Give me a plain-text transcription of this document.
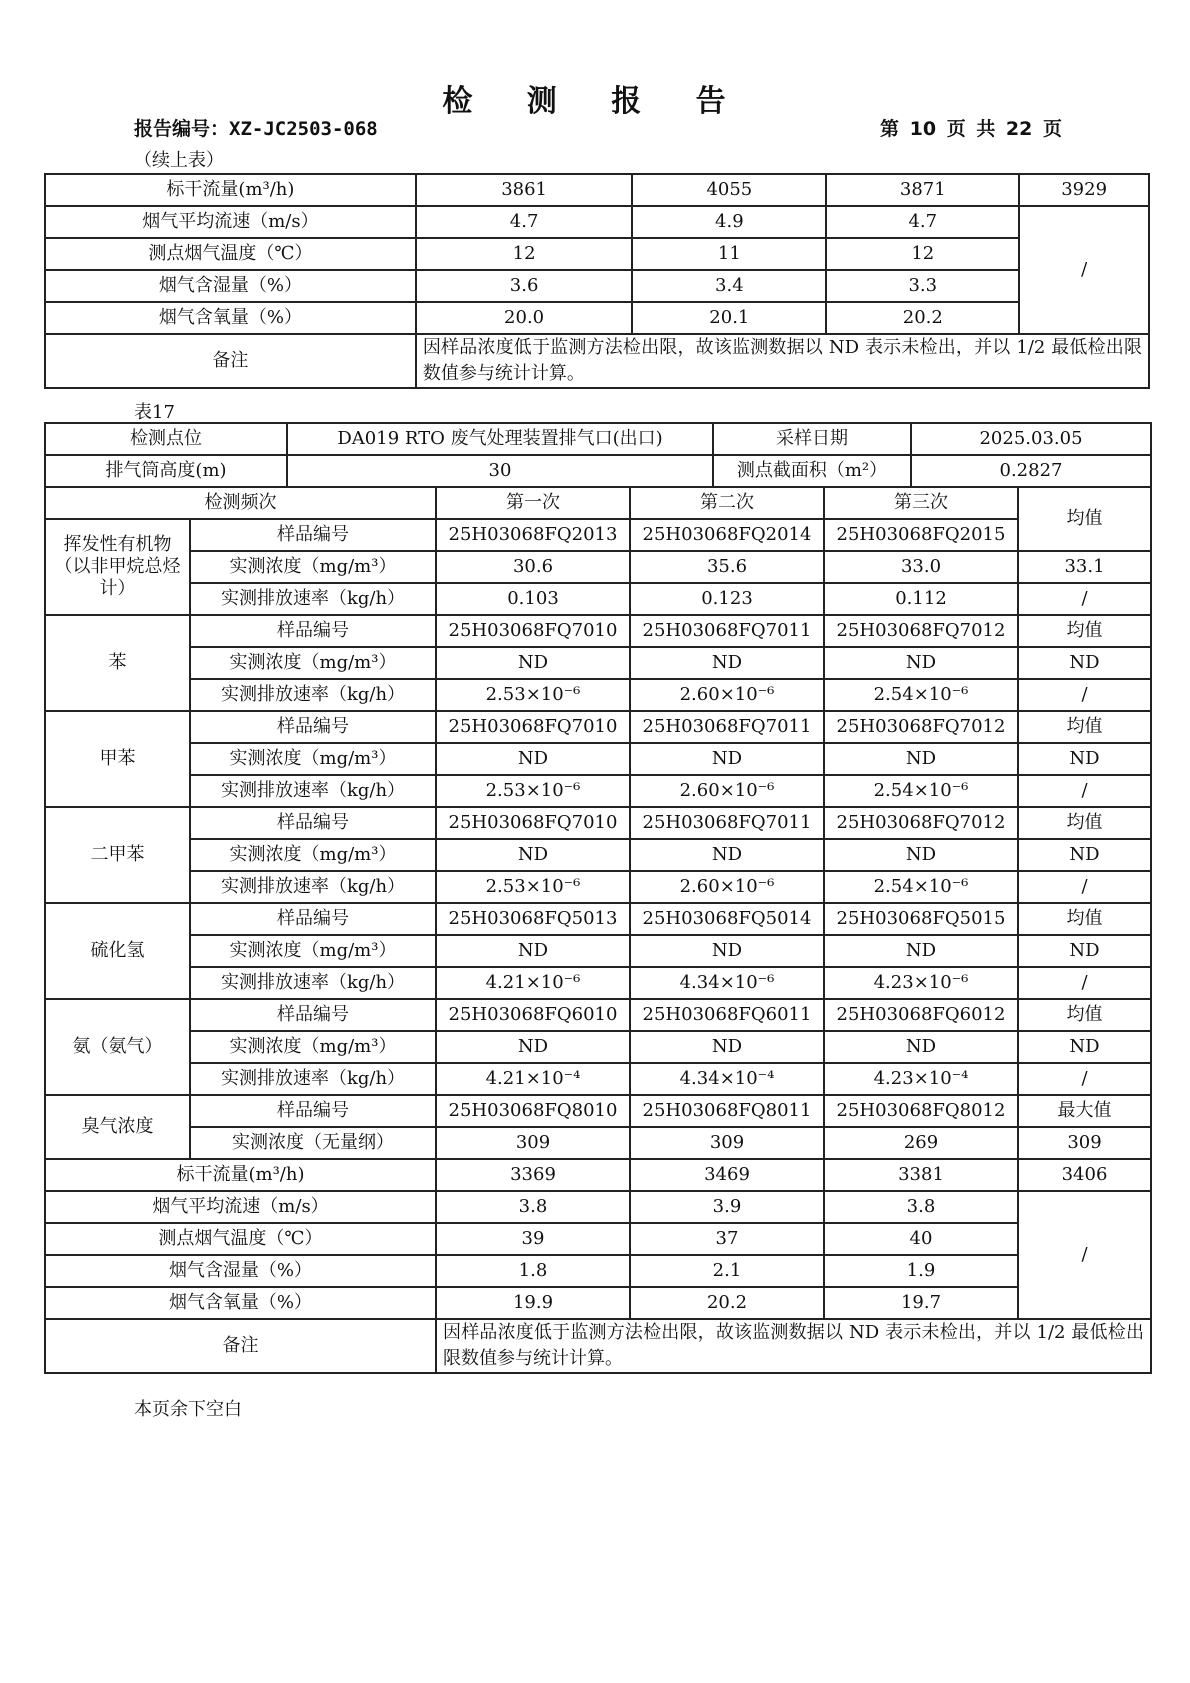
检 测 报 告
报告编号：XZ-JC2503-068	第 10 页 共 22 页
（续上表）
标干流量(m³/h)	3861	4055	3871	3929
烟气平均流速（m/s）	4.7	4.9	4.7	/
测点烟气温度（℃）	12	11	12	
烟气含湿量（%）	3.6	3.4	3.3	
烟气含氧量（%）	20.0	20.1	20.2	
备注	因样品浓度低于监测方法检出限，故该监测数据以 ND 表示未检出，并以 1/2 最低检出限数值参与统计计算。			
表17
检测点位	DA019 RTO 废气处理装置排气口(出口)	采样日期	2025.03.05
排气筒高度(m)	30	测点截面积（m²）	0.2827
检测频次		第一次	第二次	第三次	均值
挥发性有机物（以非甲烷总烃计）	样品编号	25H03068FQ2013	25H03068FQ2014	25H03068FQ2015	
	实测浓度（mg/m³）	30.6	35.6	33.0	33.1
	实测排放速率（kg/h）	0.103	0.123	0.112	/
苯	样品编号	25H03068FQ7010	25H03068FQ7011	25H03068FQ7012	均值
	实测浓度（mg/m³）	ND	ND	ND	ND
	实测排放速率（kg/h）	2.53×10⁻⁶	2.60×10⁻⁶	2.54×10⁻⁶	/
甲苯	样品编号	25H03068FQ7010	25H03068FQ7011	25H03068FQ7012	均值
	实测浓度（mg/m³）	ND	ND	ND	ND
	实测排放速率（kg/h）	2.53×10⁻⁶	2.60×10⁻⁶	2.54×10⁻⁶	/
二甲苯	样品编号	25H03068FQ7010	25H03068FQ7011	25H03068FQ7012	均值
	实测浓度（mg/m³）	ND	ND	ND	ND
	实测排放速率（kg/h）	2.53×10⁻⁶	2.60×10⁻⁶	2.54×10⁻⁶	/
硫化氢	样品编号	25H03068FQ5013	25H03068FQ5014	25H03068FQ5015	均值
	实测浓度（mg/m³）	ND	ND	ND	ND
	实测排放速率（kg/h）	4.21×10⁻⁶	4.34×10⁻⁶	4.23×10⁻⁶	/
氨（氨气）	样品编号	25H03068FQ6010	25H03068FQ6011	25H03068FQ6012	均值
	实测浓度（mg/m³）	ND	ND	ND	ND
	实测排放速率（kg/h）	4.21×10⁻⁴	4.34×10⁻⁴	4.23×10⁻⁴	/
臭气浓度	样品编号	25H03068FQ8010	25H03068FQ8011	25H03068FQ8012	最大值
	实测浓度（无量纲）	309	309	269	309
标干流量(m³/h)		3369	3469	3381	3406
烟气平均流速（m/s）		3.8	3.9	3.8	/
测点烟气温度（℃）		39	37	40	
烟气含湿量（%）		1.8	2.1	1.9	
烟气含氧量（%）		19.9	20.2	19.7	
备注		因样品浓度低于监测方法检出限，故该监测数据以 ND 表示未检出，并以 1/2 最低检出限数值参与统计计算。			
本页余下空白
